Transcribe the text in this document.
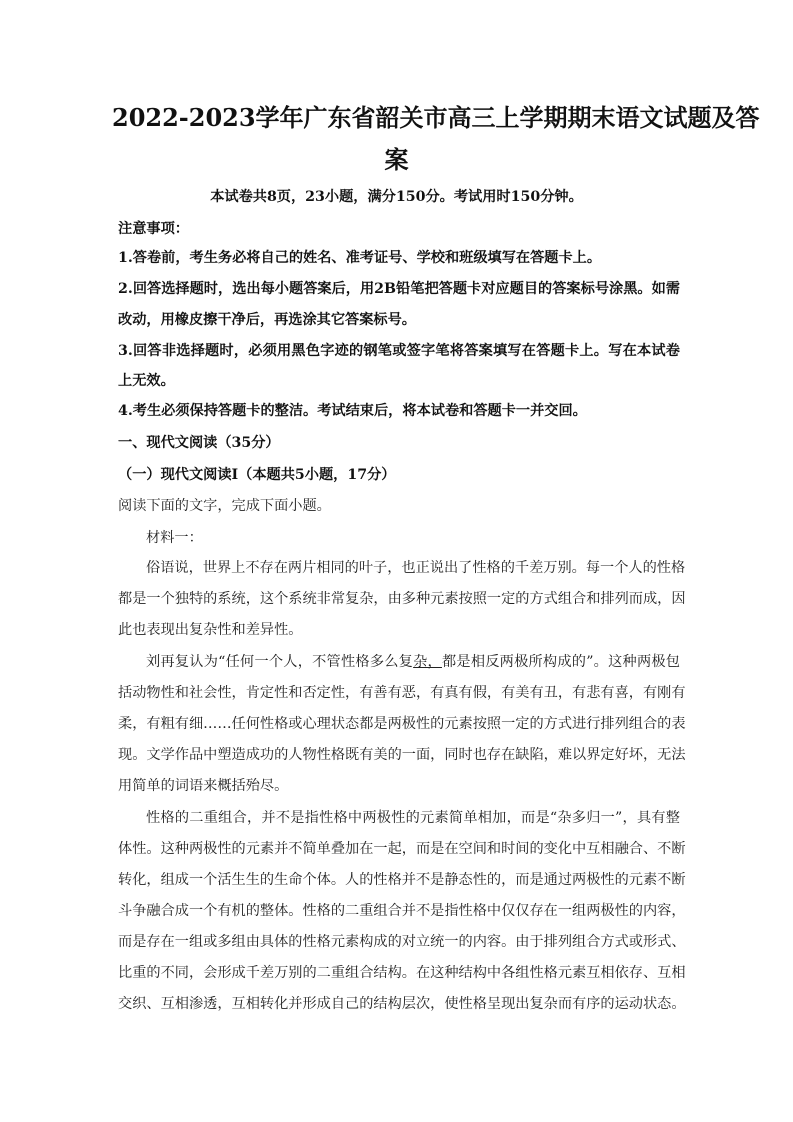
2022-2023学年广东省韶关市高三上学期期末语文试题及答
案
本试卷共8页，23小题，满分150分。考试用时150分钟。
注意事项：
1.答卷前，考生务必将自己的姓名、准考证号、学校和班级填写在答题卡上。
2.回答选择题时，选出每小题答案后，用2B铅笔把答题卡对应题目的答案标号涂黑。如需
改动，用橡皮擦干净后，再选涂其它答案标号。
3.回答非选择题时，必须用黑色字迹的钢笔或签字笔将答案填写在答题卡上。写在本试卷
上无效。
4.考生必须保持答题卡的整洁。考试结束后，将本试卷和答题卡一并交回。
一、现代文阅读（35分）
（一）现代文阅读Ⅰ（本题共5小题，17分）
阅读下面的文字，完成下面小题。
材料一：
俗语说，世界上不存在两片相同的叶子，也正说出了性格的千差万别。每一个人的性格
都是一个独特的系统，这个系统非常复杂，由多种元素按照一定的方式组合和排列而成，因
此也表现出复杂性和差异性。
刘再复认为“任何一个人，不管性格多么复杂，都是相反两极所构成的”。这种两极包
括动物性和社会性，肯定性和否定性，有善有恶，有真有假，有美有丑，有悲有喜，有刚有
柔，有粗有细……任何性格或心理状态都是两极性的元素按照一定的方式进行排列组合的表
现。文学作品中塑造成功的人物性格既有美的一面，同时也存在缺陷，难以界定好坏，无法
用简单的词语来概括殆尽。
性格的二重组合，并不是指性格中两极性的元素简单相加，而是“杂多归一”，具有整
体性。这种两极性的元素并不简单叠加在一起，而是在空间和时间的变化中互相融合、不断
转化，组成一个活生生的生命个体。人的性格并不是静态性的，而是通过两极性的元素不断
斗争融合成一个有机的整体。性格的二重组合并不是指性格中仅仅存在一组两极性的内容，
而是存在一组或多组由具体的性格元素构成的对立统一的内容。由于排列组合方式或形式、
比重的不同，会形成千差万别的二重组合结构。在这种结构中各组性格元素互相依存、互相
交织、互相渗透，互相转化并形成自己的结构层次，使性格呈现出复杂而有序的运动状态。
